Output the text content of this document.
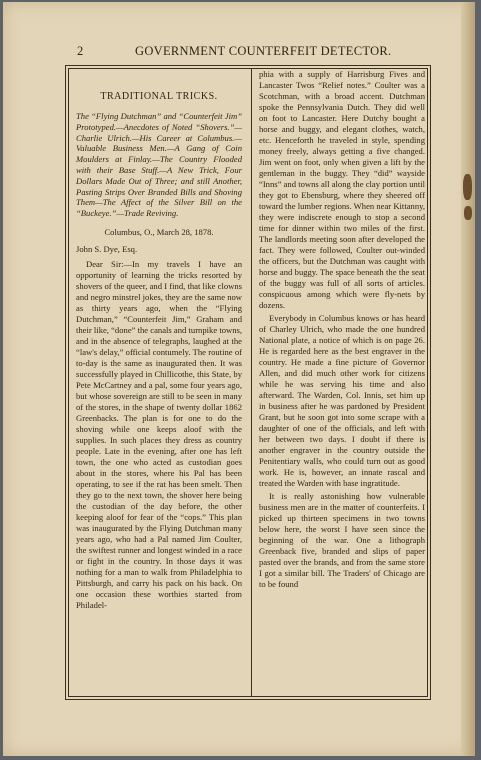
2	GOVERNMENT COUNTERFEIT DETECTOR.
TRADITIONAL TRICKS.

The “Flying Dutchman” and “Counterfeit Jim” Prototyped.—Anecdotes of Noted “Shovers.”—Charlie Ulrich.—His Career at Columbus.—Valuable Business Men.—A Gang of Coin Moulders at Finlay.—The Country Flooded with their Base Stuff.—A New Trick, Four Dollars Made Out of Three; and still Another, Pasting Strips Over Branded Bills and Shoving Them—The Affect of the Silver Bill on the “Buckeye.”—Trade Reviving.

Columbus, O., March 28, 1878.

John S. Dye, Esq.

Dear Sir:—In my travels I have an opportunity of learning the tricks resorted by shovers of the queer, and I find, that like clowns and negro minstrel jokes, they are the same now as thirty years ago, when the “Flying Dutchman,” “Counterfeit Jim,” Graham and their like, “done” the canals and turnpike towns, and in the absence of telegraphs, laughed at the “law's delay,” official contumely. The routine of to-day is the same as inaugurated then. It was successfully played in Chillicothe, this State, by Pete McCartney and a pal, some four years ago, but whose sovereign are still to be seen in many of the stores, in the shape of twenty dollar 1862 Greenbacks. The plan is for one to do the shoving while one keeps aloof with the supplies. In such places they dress as country people. Late in the evening, after one has left town, the one who acted as custodian goes about in the stores, where his Pal has been operating, to see if the rat has been smelt. Then they go to the next town, the shover here being the custodian of the day before, the other keeping aloof for fear of the “cops.” This plan was inaugurated by the Flying Dutchman many years ago, who had a Pal named Jim Coulter, the swiftest runner and longest winded in a race or fight in the country. In those days it was nothing for a man to walk from Philadelphia to Pittsburgh, and carry his pack on his back. On one occasion these worthies started from Philadel-

phia with a supply of Harrisburg Fives and Lancaster Twos “Relief notes.” Coulter was a Scotchman, with a broad accent. Dutchman spoke the Pennsylvania Dutch. They did well on foot to Lancaster. Here Dutchy bought a horse and buggy, and elegant clothes, watch, etc. Henceforth he traveled in style, spending money freely, always getting a five changed. Jim went on foot, only when given a lift by the gentleman in the buggy. They “did” wayside “Inns” and towns all along the clay portion until they got to Ebensburg, where they sheered off toward the lumber regions. When near Kittanny, they were indiscrete enough to stop a second time for dinner within two miles of the first. The landlords meeting soon after developed the fact. They were followed, Coulter out-winded the officers, but the Dutchman was caught with horse and buggy. The space beneath the the seat of the buggy was full of all sorts of articles. conspicuous among which were fly-nets by dozens.

Everybody in Columbus knows or has heard of Charley Ulrich, who made the one hundred National plate, a notice of which is on page 26. He is regarded here as the best engraver in the country. He made a fine picture of Governor Allen, and did much other work for citizens while he was serving his time and also afterward. The Warden, Col. Innis, set him up in business after he was pardoned by President Grant, but he soon got into some scrape with a daughter of one of the officials, and left with her between two days. I doubt if there is another engraver in the country outside the Penitentiary walls, who could turn out as good work. He is, however, an innate rascal and treated the Warden with base ingratitude.

It is really astonishing how vulnerable business men are in the matter of counterfeits. I picked up thirteen specimens in two towns below here, the worst I have seen since the beginning of the war. One a lithograph Greenback five, branded and slips of paper pasted over the brands, and from the same store I got a similar bill. The Traders' of Chicago are to be found
